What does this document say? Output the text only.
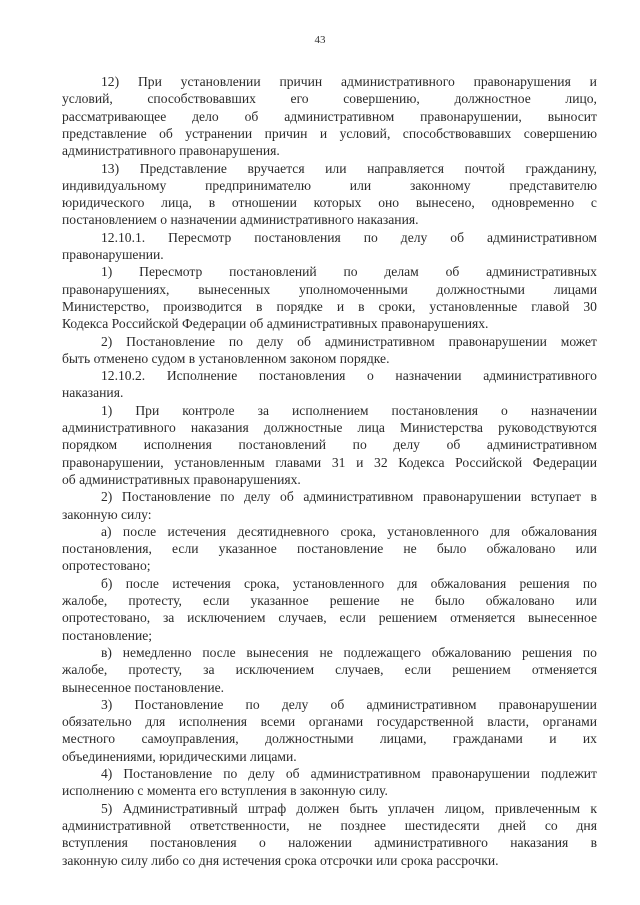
43
12) При установлении причин административного правонарушения и
условий,	способствовавших	его	совершению,	должностное	лицо,
рассматривающее дело об административном правонарушении, выносит
представление об устранении причин и условий, способствовавших совершению
административного правонарушения.
13) Представление вручается или направляется почтой гражданину,
индивидуальному	предпринимателю	или	законному	представителю
юридического лица, в отношении которых оно вынесено, одновременно с
постановлением о назначении административного наказания.
12.10.1. Пересмотр постановления по делу об административном
правонарушении.
1) Пересмотр постановлений по делам об административных
правонарушениях, вынесенных уполномоченными должностными лицами
Министерство, производится в порядке и в сроки, установленные главой 30
Кодекса Российской Федерации об административных правонарушениях.
2) Постановление по делу об административном правонарушении может
быть отменено судом в установленном законом порядке.
12.10.2. Исполнение постановления о назначении административного
наказания.
1) При контроле за исполнением постановления о назначении
административного наказания должностные лица Министерства руководствуются
порядком исполнения постановлений по делу об административном
правонарушении, установленным главами 31 и 32 Кодекса Российской Федерации
об административных правонарушениях.
2) Постановление по делу об административном правонарушении вступает в
законную силу:
а) после истечения десятидневного срока, установленного для обжалования
постановления, если указанное постановление не было обжаловано или
опротестовано;
б) после истечения срока, установленного для обжалования решения по
жалобе, протесту, если указанное решение не было обжаловано или
опротестовано, за исключением случаев, если решением отменяется вынесенное
постановление;
в) немедленно после вынесения не подлежащего обжалованию решения по
жалобе, протесту, за исключением случаев, если решением отменяется
вынесенное постановление.
3) Постановление по делу об административном правонарушении
обязательно для исполнения всеми органами государственной власти, органами
местного самоуправления, должностными лицами, гражданами и их
объединениями, юридическими лицами.
4) Постановление по делу об административном правонарушении подлежит
исполнению с момента его вступления в законную силу.
5) Административный штраф должен быть уплачен лицом, привлеченным к
административной ответственности, не позднее шестидесяти дней со дня
вступления постановления о наложении административного наказания в
законную силу либо со дня истечения срока отсрочки или срока рассрочки.
